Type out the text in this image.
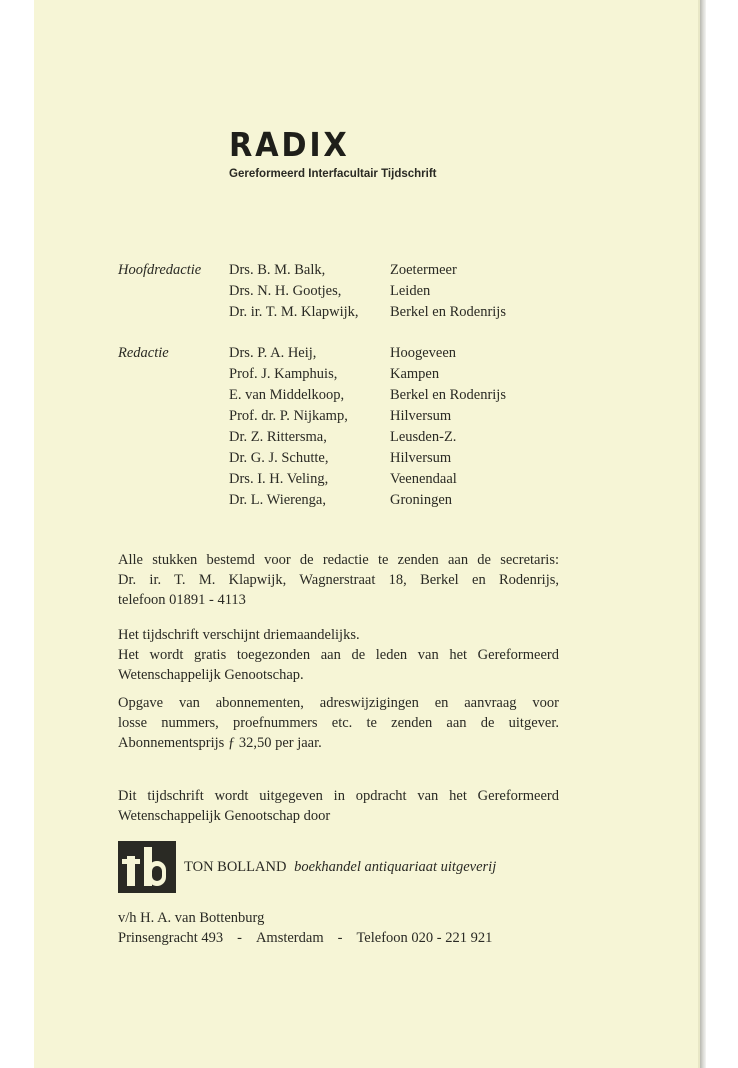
RADIX
Gereformeerd Interfacultair Tijdschrift
Hoofdredactie Drs. B. M. Balk,	Zoetermeer
Drs. N. H. Gootjes,	Leiden
Dr. ir. T. M. Klapwijk,	Berkel en Rodenrijs
Redactie	Drs. P. A. Heij,	Hoogeveen
Prof. J. Kamphuis,	Kampen
E. van Middelkoop,	Berkel en Rodenrijs
Prof. dr. P. Nijkamp,	Hilversum
Dr. Z. Rittersma,	Leusden-Z.
Dr. G. J. Schutte,	Hilversum
Drs. I. H. Veling,	Veenendaal
Dr. L. Wierenga,	Groningen

Alle stukken bestemd voor de redactie te zenden aan de secretaris:

Dr. ir. T. M. Klapwijk, Wagnerstraat 18, Berkel en Rodenrijs,

telefoon 01891 - 4113

Het tijdschrift verschijnt driemaandelijks.

Het wordt gratis toegezonden aan de leden van het Gereformeerd

Wetenschappelijk Genootschap.

Opgave van abonnementen, adreswijzigingen en aanvraag voor

losse nummers, proefnummers etc. te zenden aan de uitgever.

Abonnementsprijs ƒ 32,50 per jaar.

Dit tijdschrift wordt uitgegeven in opdracht van het Gereformeerd

Wetenschappelijk Genootschap door

TON BOLLAND boekhandel antiquariaat uitgeverij
v/h H. A. van Bottenburg
Prinsengracht 493 - Amsterdam - Telefoon 020 - 221 921
